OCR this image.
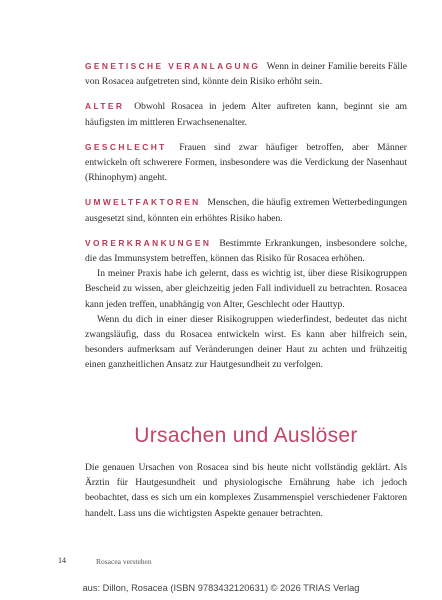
GENETISCHE VERANLAGUNG Wenn in deiner Familie bereits Fälle von Rosacea aufgetreten sind, könnte dein Risiko erhöht sein.

ALTER Obwohl Rosacea in jedem Alter auftreten kann, beginnt sie am häufigsten im mittleren Erwachsenenalter.

GESCHLECHT Frauen sind zwar häufiger betroffen, aber Männer entwickeln oft schwerere Formen, insbesondere was die Verdickung der Nasenhaut (Rhinophym) angeht.

UMWELTFAKTOREN Menschen, die häufig extremen Wetterbedingungen ausgesetzt sind, könnten ein erhöhtes Risiko haben.

VORERKRANKUNGEN Bestimmte Erkrankungen, insbesondere solche, die das Immunsystem betreffen, können das Risiko für Rosacea erhöhen.

In meiner Praxis habe ich gelernt, dass es wichtig ist, über diese Risikogruppen Bescheid zu wissen, aber gleichzeitig jeden Fall individuell zu betrachten. Rosacea kann jeden treffen, unabhängig von Alter, Geschlecht oder Hauttyp.

Wenn du dich in einer dieser Risikogruppen wiederfindest, bedeutet das nicht zwangsläufig, dass du Rosacea entwickeln wirst. Es kann aber hilfreich sein, besonders aufmerksam auf Veränderungen deiner Haut zu achten und frühzeitig einen ganzheitlichen Ansatz zur Hautgesundheit zu verfolgen.

Ursachen und Auslöser

Die genauen Ursachen von Rosacea sind bis heute nicht vollständig geklärt. Als Ärztin für Hautgesundheit und physiologische Ernährung habe ich jedoch beobachtet, dass es sich um ein komplexes Zusammenspiel verschiedener Faktoren handelt. Lass uns die wichtigsten Aspekte genauer betrachten.

14	Rosacea verstehen
aus: Dillon, Rosacea (ISBN 9783432120631) © 2026 TRIAS Verlag
